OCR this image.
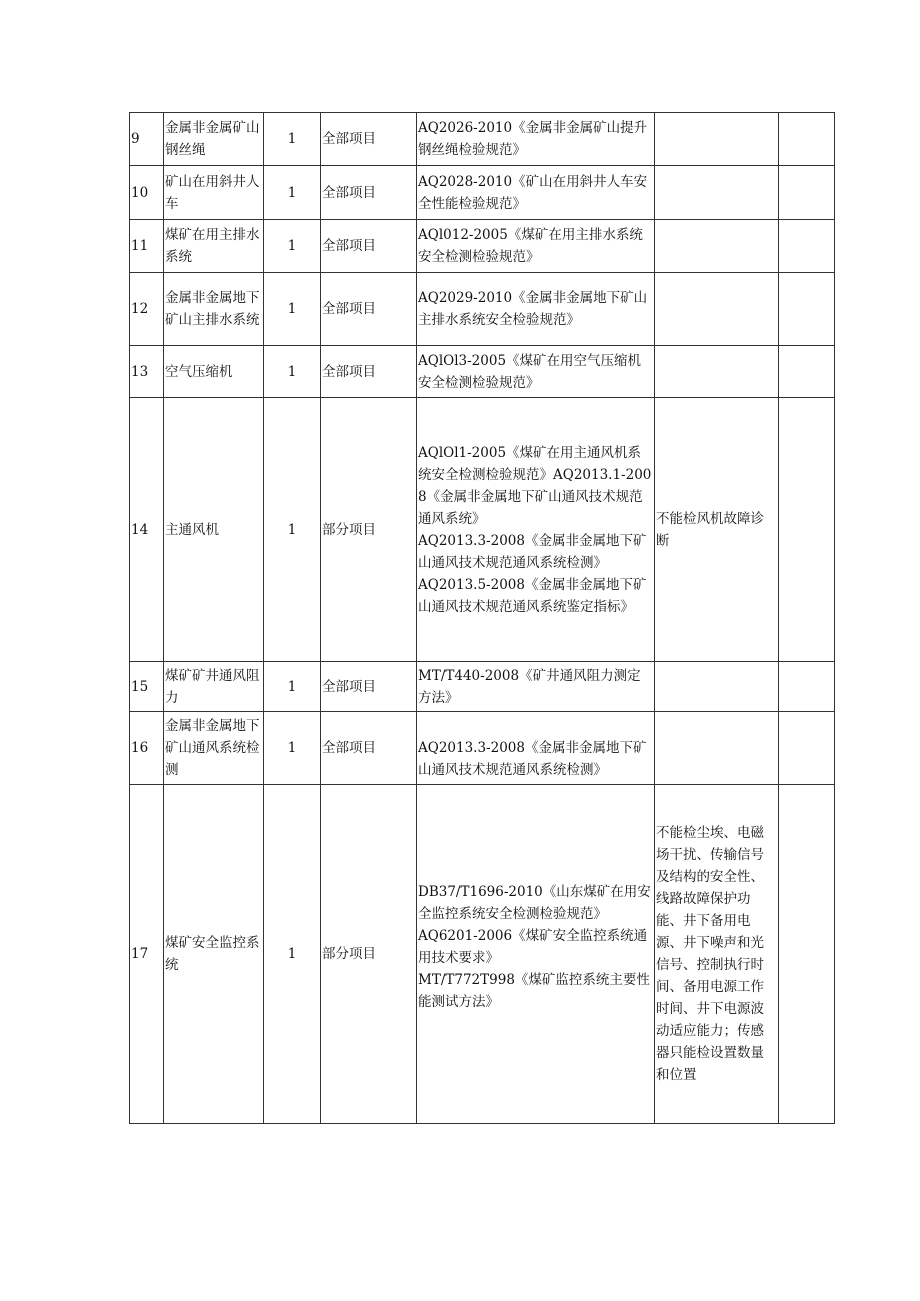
9	金属非金属矿山钢丝绳	1	全部项目	AQ2026-2010《金属非金属矿山提升钢丝绳检验规范》		

10	矿山在用斜井人车	1	全部项目	AQ2028-2010《矿山在用斜井人车安全性能检验规范》		

11	煤矿在用主排水系统	1	全部项目	AQl012-2005《煤矿在用主排水系统安全检测检验规范》		

12	金属非金属地下矿山主排水系统	1	全部项目	AQ2029-2010《金属非金属地下矿山主排水系统安全检验规范》		

13	空气压缩机	1	全部项目	AQlOl3-2005《煤矿在用空气压缩机安全检测检验规范》		

14	主通风机	1	部分项目	AQlOl1-2005《煤矿在用主通风机系统安全检测检验规范》AQ2013.1-2008《金属非金属地下矿山通风技术规范通风系统》
AQ2013.3-2008《金属非金属地下矿山通风技术规范通风系统检测》
AQ2013.5-2008《金属非金属地下矿山通风技术规范通风系统鉴定指标》	不能检风机故障诊断	
15	煤矿矿井通风阻力	1	全部项目	MT/T440-2008《矿井通风阻力测定方法》		

16	金属非金属地下矿山通风系统检测	1	全部项目	AQ2013.3-2008《金属非金属地下矿山通风技术规范通风系统检测》		

17	煤矿安全监控系统	1	部分项目	DB37/T1696-2010《山东煤矿在用安全监控系统安全检测检验规范》
AQ6201-2006《煤矿安全监控系统通用技术要求》
MT/T772T998《煤矿监控系统主要性能测试方法》	不能检尘埃、电磁场干扰、传输信号及结构的安全性、线路故障保护功能、井下备用电源、井下噪声和光信号、控制执行时间、备用电源工作时间、井下电源波动适应能力；传感器只能检设置数量和位置	
